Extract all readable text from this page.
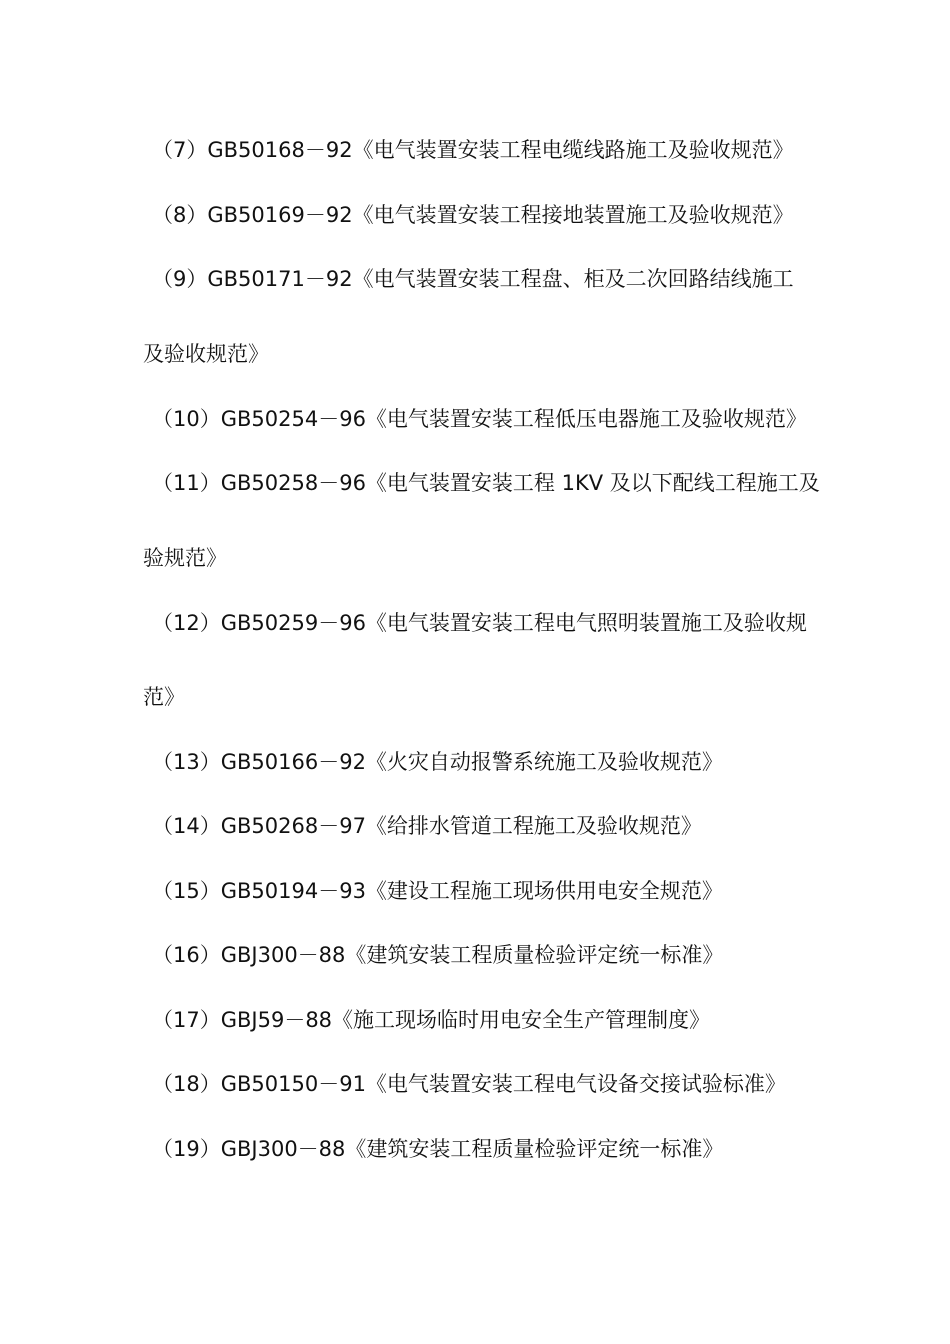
（7）GB50168－92《电气装置安装工程电缆线路施工及验收规范》
（8）GB50169－92《电气装置安装工程接地装置施工及验收规范》
（9）GB50171－92《电气装置安装工程盘、柜及二次回路结线施工
及验收规范》
（10）GB50254－96《电气装置安装工程低压电器施工及验收规范》
（11）GB50258－96《电气装置安装工程 1KV 及以下配线工程施工及
验规范》
（12）GB50259－96《电气装置安装工程电气照明装置施工及验收规
范》
（13）GB50166－92《火灾自动报警系统施工及验收规范》
（14）GB50268－97《给排水管道工程施工及验收规范》
（15）GB50194－93《建设工程施工现场供用电安全规范》
（16）GBJ300－88《建筑安装工程质量检验评定统一标准》
（17）GBJ59－88《施工现场临时用电安全生产管理制度》
（18）GB50150－91《电气装置安装工程电气设备交接试验标准》
（19）GBJ300－88《建筑安装工程质量检验评定统一标准》
